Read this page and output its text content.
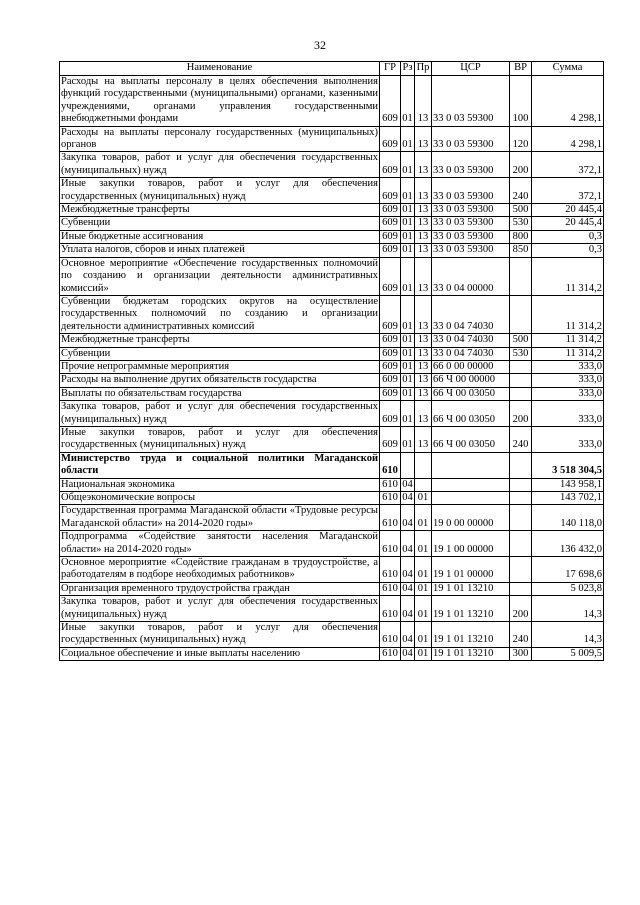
32
Наименование	ГР	Рз	Пр	ЦСР	ВР	Сумма
Расходы на выплаты персоналу в целях обеспечения выполнения функций государственными (муниципальными) органами, казенными учреждениями, органами управления государственными внебюджетными фондами	609	01	13	33 0 03 59300	100	4 298,1
Расходы на выплаты персоналу государственных (муниципальных) органов	609	01	13	33 0 03 59300	120	4 298,1
Закупка товаров, работ и услуг для обеспечения государственных (муниципальных) нужд	609	01	13	33 0 03 59300	200	372,1
Иные закупки товаров, работ и услуг для обеспечения государственных (муниципальных) нужд	609	01	13	33 0 03 59300	240	372,1
Межбюджетные трансферты	609	01	13	33 0 03 59300	500	20 445,4
Субвенции	609	01	13	33 0 03 59300	530	20 445,4
Иные бюджетные ассигнования	609	01	13	33 0 03 59300	800	0,3
Уплата налогов, сборов и иных платежей	609	01	13	33 0 03 59300	850	0,3
Основное мероприятие «Обеспечение государственных полномочий по созданию и организации деятельности административных комиссий»	609	01	13	33 0 04 00000		11 314,2
Субвенции бюджетам городских округов на осуществление государственных полномочий по созданию и организации деятельности административных комиссий	609	01	13	33 0 04 74030		11 314,2
Межбюджетные трансферты	609	01	13	33 0 04 74030	500	11 314,2
Субвенции	609	01	13	33 0 04 74030	530	11 314,2
Прочие непрограммные мероприятия	609	01	13	66 0 00 00000		333,0
Расходы на выполнение других обязательств государства	609	01	13	66 Ч 00 00000		333,0
Выплаты по обязательствам государства	609	01	13	66 Ч 00 03050		333,0
Закупка товаров, работ и услуг для обеспечения государственных (муниципальных) нужд	609	01	13	66 Ч 00 03050	200	333,0
Иные закупки товаров, работ и услуг для обеспечения государственных (муниципальных) нужд	609	01	13	66 Ч 00 03050	240	333,0
Министерство труда и социальной политики Магаданской области	610					3 518 304,5
Национальная экономика	610	04				143 958,1
Общеэкономические вопросы	610	04	01			143 702,1
Государственная программа Магаданской области «Трудовые ресурсы Магаданской области» на 2014-2020 годы»	610	04	01	19 0 00 00000		140 118,0
Подпрограмма «Содействие занятости населения Магаданской области» на 2014-2020 годы»	610	04	01	19 1 00 00000		136 432,0
Основное мероприятие «Содействие гражданам в трудоустройстве, а работодателям в подборе необходимых работников»	610	04	01	19 1 01 00000		17 698,6
Организация временного трудоустройства граждан	610	04	01	19 1 01 13210		5 023,8
Закупка товаров, работ и услуг для обеспечения государственных (муниципальных) нужд	610	04	01	19 1 01 13210	200	14,3
Иные закупки товаров, работ и услуг для обеспечения государственных (муниципальных) нужд	610	04	01	19 1 01 13210	240	14,3
Социальное обеспечение и иные выплаты населению	610	04	01	19 1 01 13210	300	5 009,5
